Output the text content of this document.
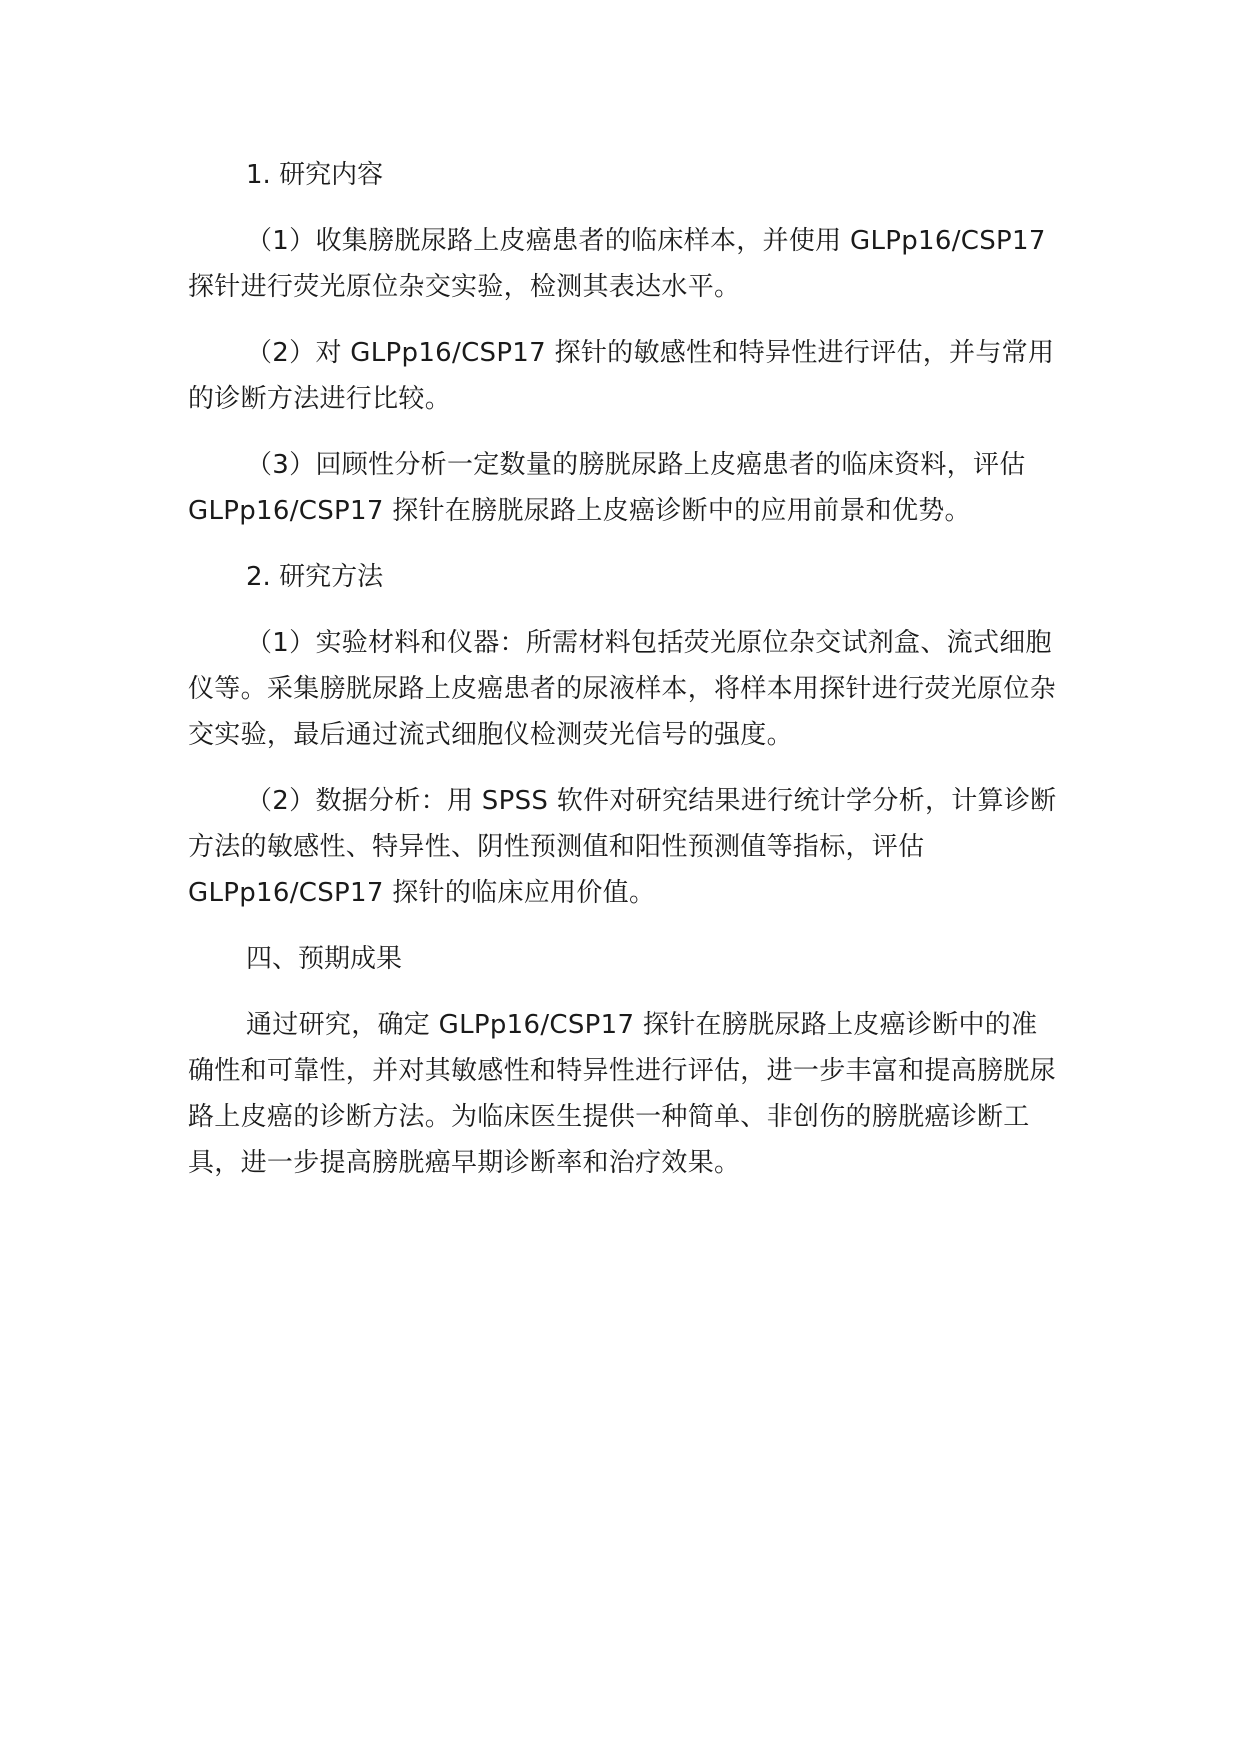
1. 研究内容

（1）收集膀胱尿路上皮癌患者的临床样本，并使用 GLPp16/CSP17 探针进行荧光原位杂交实验，检测其表达水平。

（2）对 GLPp16/CSP17 探针的敏感性和特异性进行评估，并与常用的诊断方法进行比较。

（3）回顾性分析一定数量的膀胱尿路上皮癌患者的临床资料，评估 GLPp16/CSP17 探针在膀胱尿路上皮癌诊断中的应用前景和优势。

2. 研究方法

（1）实验材料和仪器：所需材料包括荧光原位杂交试剂盒、流式细胞仪等。采集膀胱尿路上皮癌患者的尿液样本，将样本用探针进行荧光原位杂交实验，最后通过流式细胞仪检测荧光信号的强度。

（2）数据分析：用 SPSS 软件对研究结果进行统计学分析，计算诊断方法的敏感性、特异性、阴性预测值和阳性预测值等指标，评估 GLPp16/CSP17 探针的临床应用价值。

四、预期成果

通过研究，确定 GLPp16/CSP17 探针在膀胱尿路上皮癌诊断中的准确性和可靠性，并对其敏感性和特异性进行评估，进一步丰富和提高膀胱尿路上皮癌的诊断方法。为临床医生提供一种简单、非创伤的膀胱癌诊断工具，进一步提高膀胱癌早期诊断率和治疗效果。
